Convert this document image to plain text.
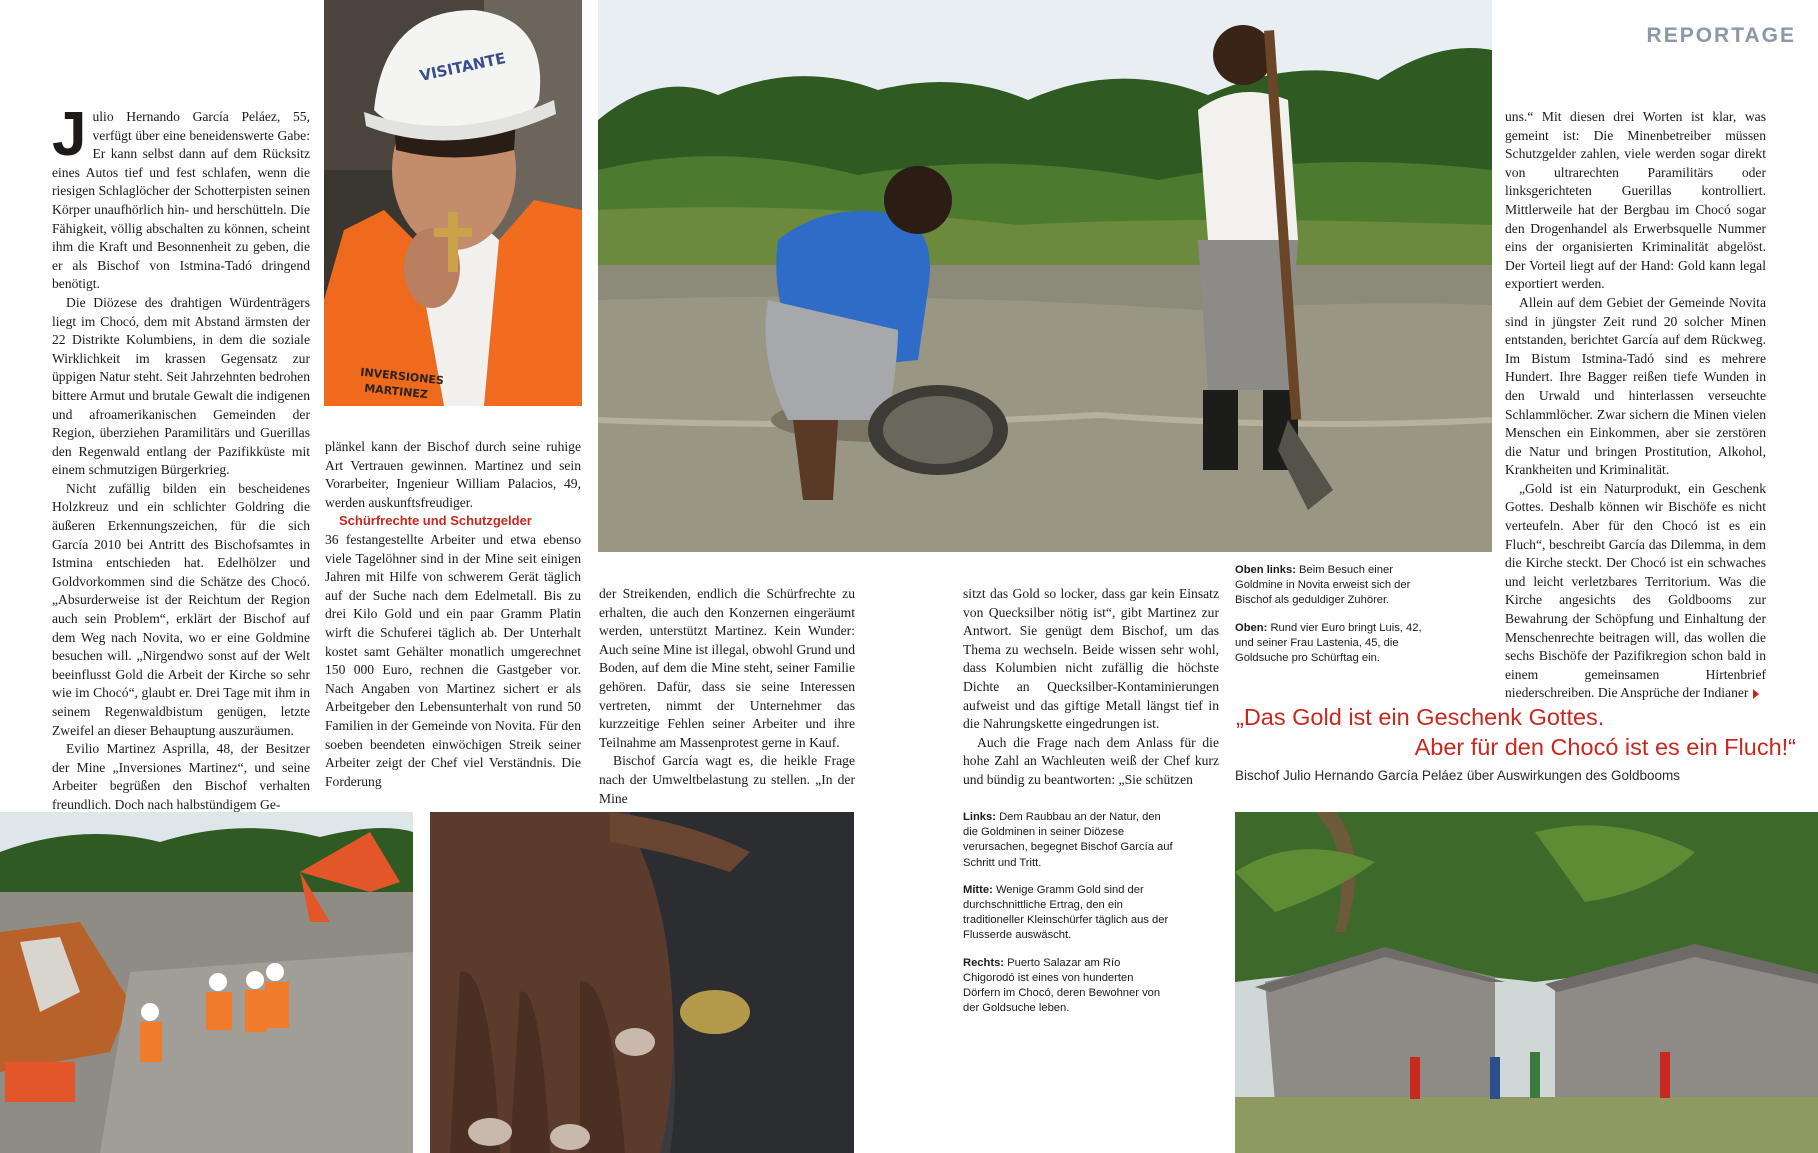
REPORTAGE
VISITANTE
INVERSIONES
MARTINEZ

Julio Hernando García Peláez, 55, verfügt über eine beneidenswerte Gabe: Er kann selbst dann auf dem Rücksitz eines Autos tief und fest schlafen, wenn die riesigen Schlaglöcher der Schotterpisten seinen Körper unaufhörlich hin- und herschütteln. Die Fähigkeit, völlig abschalten zu können, scheint ihm die Kraft und Besonnenheit zu geben, die er als Bischof von Istmina-Tadó dringend benötigt.

Die Diözese des drahtigen Würdenträgers liegt im Chocó, dem mit Abstand ärmsten der 22 Distrikte Kolumbiens, in dem die soziale Wirklichkeit im krassen Gegensatz zur üppigen Natur steht. Seit Jahrzehnten bedrohen bittere Armut und brutale Gewalt die indigenen und afroamerikanischen Gemeinden der Region, überziehen Paramilitärs und Guerillas den Regenwald entlang der Pazifikküste mit einem schmutzigen Bürgerkrieg.

Nicht zufällig bilden ein bescheidenes Holzkreuz und ein schlichter Goldring die äußeren Erkennungszeichen, für die sich García 2010 bei Antritt des Bischofsamtes in Istmina entschieden hat. Edelhölzer und Goldvorkommen sind die Schätze des Chocó. „Absurderweise ist der Reichtum der Region auch sein Problem“, erklärt der Bischof auf dem Weg nach Novita, wo er eine Goldmine besuchen will. „Nirgendwo sonst auf der Welt beeinflusst Gold die Arbeit der Kirche so sehr wie im Chocó“, glaubt er. Drei Tage mit ihm in seinem Regenwaldbistum genügen, letzte Zweifel an dieser Behauptung auszuräumen.

Evilio Martinez Asprilla, 48, der Besitzer der Mine „Inversiones Martinez“, und seine Arbeiter begrüßen den Bischof verhalten freundlich. Doch nach halbstündigem Ge-

plänkel kann der Bischof durch seine ruhige Art Vertrauen gewinnen. Martinez und sein Vorarbeiter, Ingenieur William Palacios, 49, werden auskunftsfreudiger.

Schürfrechte und Schutzgelder

36 festangestellte Arbeiter und etwa ebenso viele Tagelöhner sind in der Mine seit einigen Jahren mit Hilfe von schwerem Gerät täglich auf der Suche nach dem Edelmetall. Bis zu drei Kilo Gold und ein paar Gramm Platin wirft die Schuferei täglich ab. Der Unterhalt kostet samt Gehälter monatlich umgerechnet 150 000 Euro, rechnen die Gastgeber vor. Nach Angaben von Martinez sichert er als Arbeitgeber den Lebensunterhalt von rund 50 Familien in der Gemeinde von Novita. Für den soeben beendeten einwöchigen Streik seiner Arbeiter zeigt der Chef viel Verständnis. Die Forderung

der Streikenden, endlich die Schürfrechte zu erhalten, die auch den Konzernen eingeräumt werden, unterstützt Martinez. Kein Wunder: Auch seine Mine ist illegal, obwohl Grund und Boden, auf dem die Mine steht, seiner Familie gehören. Dafür, dass sie seine Interessen vertreten, nimmt der Unternehmer das kurzzeitige Fehlen seiner Arbeiter und ihre Teilnahme am Massenprotest gerne in Kauf.

Bischof García wagt es, die heikle Frage nach der Umweltbelastung zu stellen. „In der Mine

sitzt das Gold so locker, dass gar kein Einsatz von Quecksilber nötig ist“, gibt Martinez zur Antwort. Sie genügt dem Bischof, um das Thema zu wechseln. Beide wissen sehr wohl, dass Kolumbien nicht zufällig die höchste Dichte an Quecksilber-Kontaminierungen aufweist und das giftige Metall längst tief in die Nahrungskette eingedrungen ist.

Auch die Frage nach dem Anlass für die hohe Zahl an Wachleuten weiß der Chef kurz und bündig zu beantworten: „Sie schützen

uns.“ Mit diesen drei Worten ist klar, was gemeint ist: Die Minenbetreiber müssen Schutzgelder zahlen, viele werden sogar direkt von ultrarechten Paramilitärs oder linksgerichteten Guerillas kontrolliert. Mittlerweile hat der Bergbau im Chocó sogar den Drogenhandel als Erwerbsquelle Nummer eins der organisierten Kriminalität abgelöst. Der Vorteil liegt auf der Hand: Gold kann legal exportiert werden.

Allein auf dem Gebiet der Gemeinde Novita sind in jüngster Zeit rund 20 solcher Minen entstanden, berichtet García auf dem Rückweg. Im Bistum Istmina-Tadó sind es mehrere Hundert. Ihre Bagger reißen tiefe Wunden in den Urwald und hinterlassen verseuchte Schlammlöcher. Zwar sichern die Minen vielen Menschen ein Einkommen, aber sie zerstören die Natur und bringen Prostitution, Alkohol, Krankheiten und Kriminalität.

„Gold ist ein Naturprodukt, ein Geschenk Gottes. Deshalb können wir Bischöfe es nicht verteufeln. Aber für den Chocó ist es ein Fluch“, beschreibt García das Dilemma, in dem die Kirche steckt. Der Chocó ist ein schwaches und leicht verletzbares Territorium. Was die Kirche angesichts des Goldbooms zur Bewahrung der Schöpfung und Einhaltung der Menschenrechte beitragen will, das wollen die sechs Bischöfe der Pazifikregion schon bald in einem gemeinsamen Hirtenbrief niederschreiben. Die Ansprüche der Indianer

Oben links: Beim Besuch einer Goldmine in Novita erweist sich der Bischof als geduldiger Zuhörer.

Oben: Rund vier Euro bringt Luis, 42, und seiner Frau Lastenia, 45, die Goldsuche pro Schürftag ein.

„Das Gold ist ein Geschenk Gottes.
Aber für den Chocó ist es ein Fluch!“
Bischof Julio Hernando García Peláez über Auswirkungen des Goldbooms

Links: Dem Raubbau an der Natur, den die Goldminen in seiner Diözese verursachen, begegnet Bischof García auf Schritt und Tritt.

Mitte: Wenige Gramm Gold sind der durchschnittliche Ertrag, den ein traditioneller Kleinschürfer täglich aus der Flusserde auswäscht.

Rechts: Puerto Salazar am Río Chigorodó ist eines von hunderten Dörfern im Chocó, deren Bewohner von der Goldsuche leben.
